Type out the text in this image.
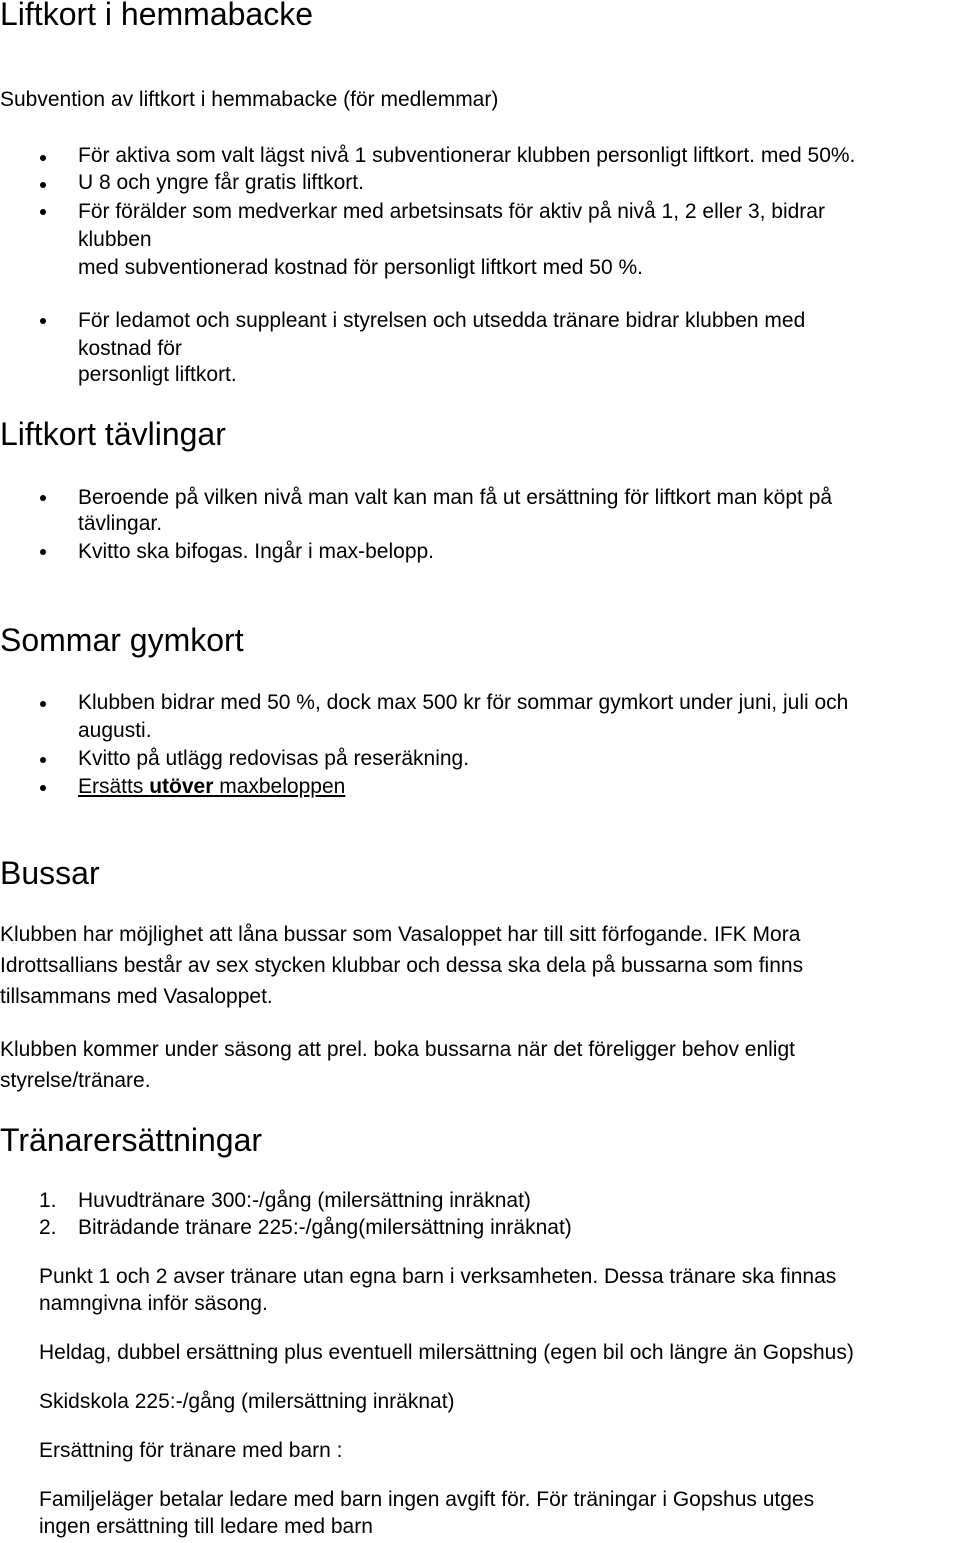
Liftkort i hemmabacke
Subvention av liftkort i hemmabacke (för medlemmar)
För aktiva som valt lägst nivå 1 subventionerar klubben personligt liftkort. med 50%.
U 8 och yngre får gratis liftkort.
För förälder som medverkar med arbetsinsats för aktiv på nivå 1, 2 eller 3, bidrar
klubben
med subventionerad kostnad för personligt liftkort med 50 %.
För ledamot och suppleant i styrelsen och utsedda tränare bidrar klubben med
kostnad för
personligt liftkort.
Liftkort tävlingar
Beroende på vilken nivå man valt kan man få ut ersättning för liftkort man köpt på
tävlingar.
Kvitto ska bifogas. Ingår i max-belopp.
Sommar gymkort
Klubben bidrar med 50 %, dock max 500 kr för sommar gymkort under juni, juli och
augusti.
Kvitto på utlägg redovisas på reseräkning.
Ersätts utöver maxbeloppen
Bussar
Klubben har möjlighet att låna bussar som Vasaloppet har till sitt förfogande. IFK Mora
Idrottsallians består av sex stycken klubbar och dessa ska dela på bussarna som finns
tillsammans med Vasaloppet.
Klubben kommer under säsong att prel. boka bussarna när det föreligger behov enligt
styrelse/tränare.
Tränarersättningar
1. Huvudtränare 300:-/gång (milersättning inräknat)
2. Biträdande tränare 225:-/gång(milersättning inräknat)
Punkt 1 och 2 avser tränare utan egna barn i verksamheten. Dessa tränare ska finnas
namngivna inför säsong.
Heldag, dubbel ersättning plus eventuell milersättning (egen bil och längre än Gopshus)
Skidskola 225:-/gång (milersättning inräknat)
Ersättning för tränare med barn :
Familjeläger betalar ledare med barn ingen avgift för. För träningar i Gopshus utges
ingen ersättning till ledare med barn
